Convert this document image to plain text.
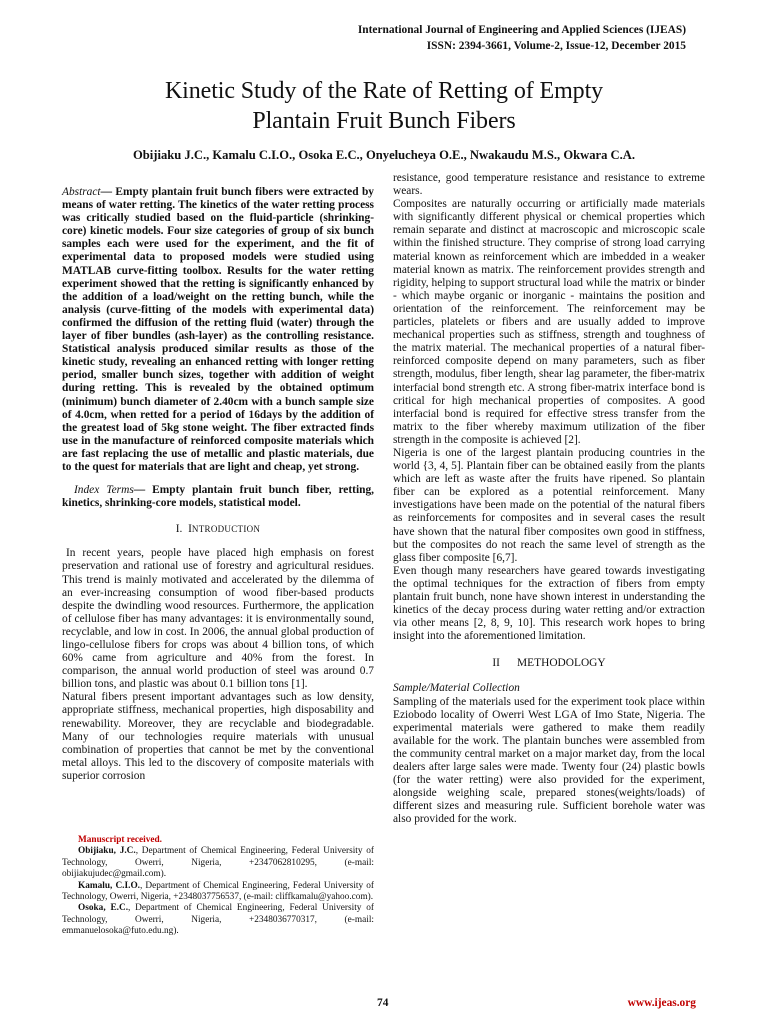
International Journal of Engineering and Applied Sciences (IJEAS)
ISSN: 2394-3661, Volume-2, Issue-12, December 2015
Kinetic Study of the Rate of Retting of Empty
Plantain Fruit Bunch Fibers
Obijiaku J.C., Kamalu C.I.O., Osoka E.C., Onyelucheya O.E., Nwakaudu M.S., Okwara C.A.

Abstract— Empty plantain fruit bunch fibers were extracted by means of water retting. The kinetics of the water retting process was critically studied based on the fluid-particle (shrinking-core) kinetic models. Four size categories of group of six bunch samples each were used for the experiment, and the fit of experimental data to proposed models were studied using MATLAB curve-fitting toolbox. Results for the water retting experiment showed that the retting is significantly enhanced by the addition of a load/weight on the retting bunch, while the analysis (curve-fitting of the models with experimental data) confirmed the diffusion of the retting fluid (water) through the layer of fiber bundles (ash-layer) as the controlling resistance. Statistical analysis produced similar results as those of the kinetic study, revealing an enhanced retting with longer retting period, smaller bunch sizes, together with addition of weight during retting. This is revealed by the obtained optimum (minimum) bunch diameter of 2.40cm with a bunch sample size of 4.0cm, when retted for a period of 16days by the addition of the greatest load of 5kg stone weight. The fiber extracted finds use in the manufacture of reinforced composite materials which are fast replacing the use of metallic and plastic materials, due to the quest for materials that are light and cheap, yet strong.

Index Terms— Empty plantain fruit bunch fiber, retting, kinetics, shrinking-core models, statistical model.

I. INTRODUCTION

In recent years, people have placed high emphasis on forest preservation and rational use of forestry and agricultural residues. This trend is mainly motivated and accelerated by the dilemma of an ever-increasing consumption of wood fiber-based products despite the dwindling wood resources. Furthermore, the application of cellulose fiber has many advantages: it is environmentally sound, recyclable, and low in cost. In 2006, the annual global production of lingo-cellulose fibers for crops was about 4 billion tons, of which 60% came from agriculture and 40% from the forest. In comparison, the annual world production of steel was around 0.7 billion tons, and plastic was about 0.1 billion tons [1].

Natural fibers present important advantages such as low density, appropriate stiffness, mechanical properties, high disposability and renewability. Moreover, they are recyclable and biodegradable. Many of our technologies require materials with unusual combination of properties that cannot be met by the conventional metal alloys. This led to the discovery of composite materials with superior corrosion

Manuscript received.

Obijiaku, J.C., Department of Chemical Engineering, Federal University of Technology, Owerri, Nigeria, +2347062810295, (e-mail: obijiakujudec@gmail.com).

Kamalu, C.I.O., Department of Chemical Engineering, Federal University of Technology, Owerri, Nigeria, +2348037756537, (e-mail: cliffkamalu@yahoo.com).

Osoka, E.C., Department of Chemical Engineering, Federal University of Technology, Owerri, Nigeria, +2348036770317, (e-mail: emmanuelosoka@futo.edu.ng).

resistance, good temperature resistance and resistance to extreme wears.

Composites are naturally occurring or artificially made materials with significantly different physical or chemical properties which remain separate and distinct at macroscopic and microscopic scale within the finished structure. They comprise of strong load carrying material known as reinforcement which are imbedded in a weaker material known as matrix. The reinforcement provides strength and rigidity, helping to support structural load while the matrix or binder - which maybe organic or inorganic - maintains the position and orientation of the reinforcement. The reinforcement may be particles, platelets or fibers and are usually added to improve mechanical properties such as stiffness, strength and toughness of the matrix material. The mechanical properties of a natural fiber-reinforced composite depend on many parameters, such as fiber strength, modulus, fiber length, shear lag parameter, the fiber-matrix interfacial bond strength etc. A strong fiber-matrix interface bond is critical for high mechanical properties of composites. A good interfacial bond is required for effective stress transfer from the matrix to the fiber whereby maximum utilization of the fiber strength in the composite is achieved [2].

Nigeria is one of the largest plantain producing countries in the world {3, 4, 5]. Plantain fiber can be obtained easily from the plants which are left as waste after the fruits have ripened. So plantain fiber can be explored as a potential reinforcement. Many investigations have been made on the potential of the natural fibers as reinforcements for composites and in several cases the result have shown that the natural fiber composites own good in stiffness, but the composites do not reach the same level of strength as the glass fiber composite [6,7].

Even though many researchers have geared towards investigating the optimal techniques for the extraction of fibers from empty plantain fruit bunch, none have shown interest in understanding the kinetics of the decay process during water retting and/or extraction via other means [2, 8, 9, 10]. This research work hopes to bring insight into the aforementioned limitation.

II METHODOLOGY

Sample/Material Collection

Sampling of the materials used for the experiment took place within Eziobodo locality of Owerri West LGA of Imo State, Nigeria. The experimental materials were gathered to make them readily available for the work. The plantain bunches were assembled from the community central market on a major market day, from the local dealers after large sales were made. Twenty four (24) plastic bowls (for the water retting) were also provided for the experiment, alongside weighing scale, prepared stones(weights/loads) of different sizes and measuring rule. Sufficient borehole water was also provided for the work.

74	www.ijeas.org
